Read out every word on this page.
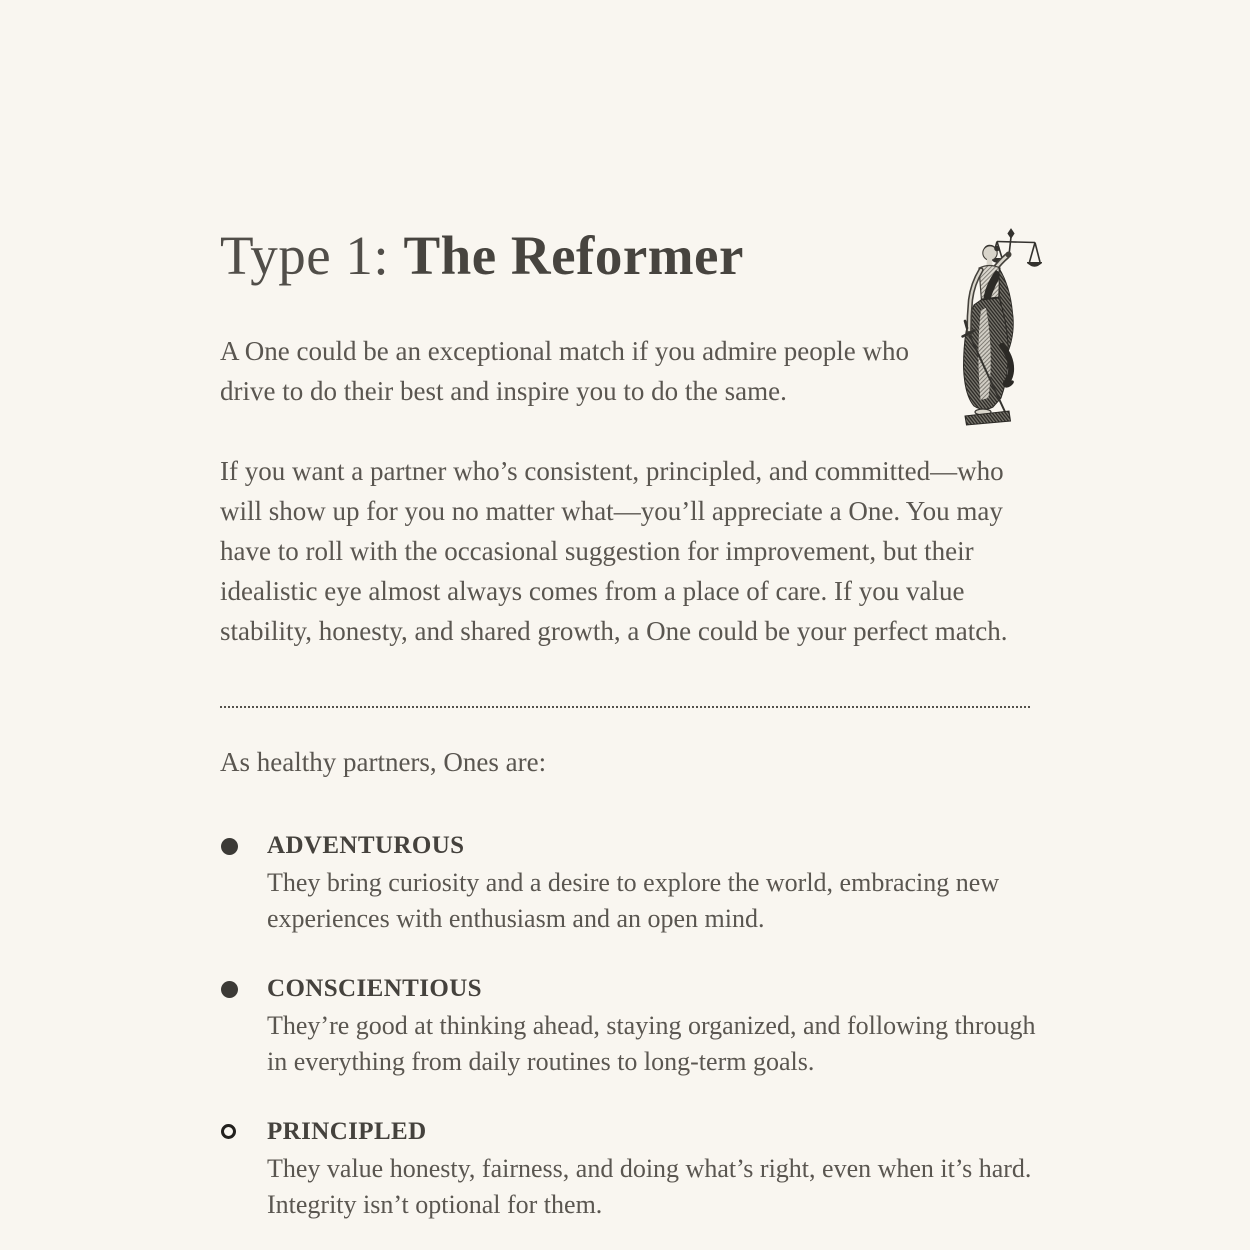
Type 1: The Reformer

A One could be an exceptional match if you admire people who drive to do their best and inspire you to do the same.

If you want a partner who’s consistent, principled, and committed—who will show up for you no matter what—you’ll appreciate a One. You may have to roll with the occasional suggestion for improvement, but their idealistic eye almost always comes from a place of care. If you value stability, honesty, and shared growth, a One could be your perfect match.

As healthy partners, Ones are:

ADVENTUROUS
They bring curiosity and a desire to explore the world, embracing new experiences with enthusiasm and an open mind.
CONSCIENTIOUS
They’re good at thinking ahead, staying organized, and following through in everything from daily routines to long-term goals.
PRINCIPLED
They value honesty, fairness, and doing what’s right, even when it’s hard. Integrity isn’t optional for them.
